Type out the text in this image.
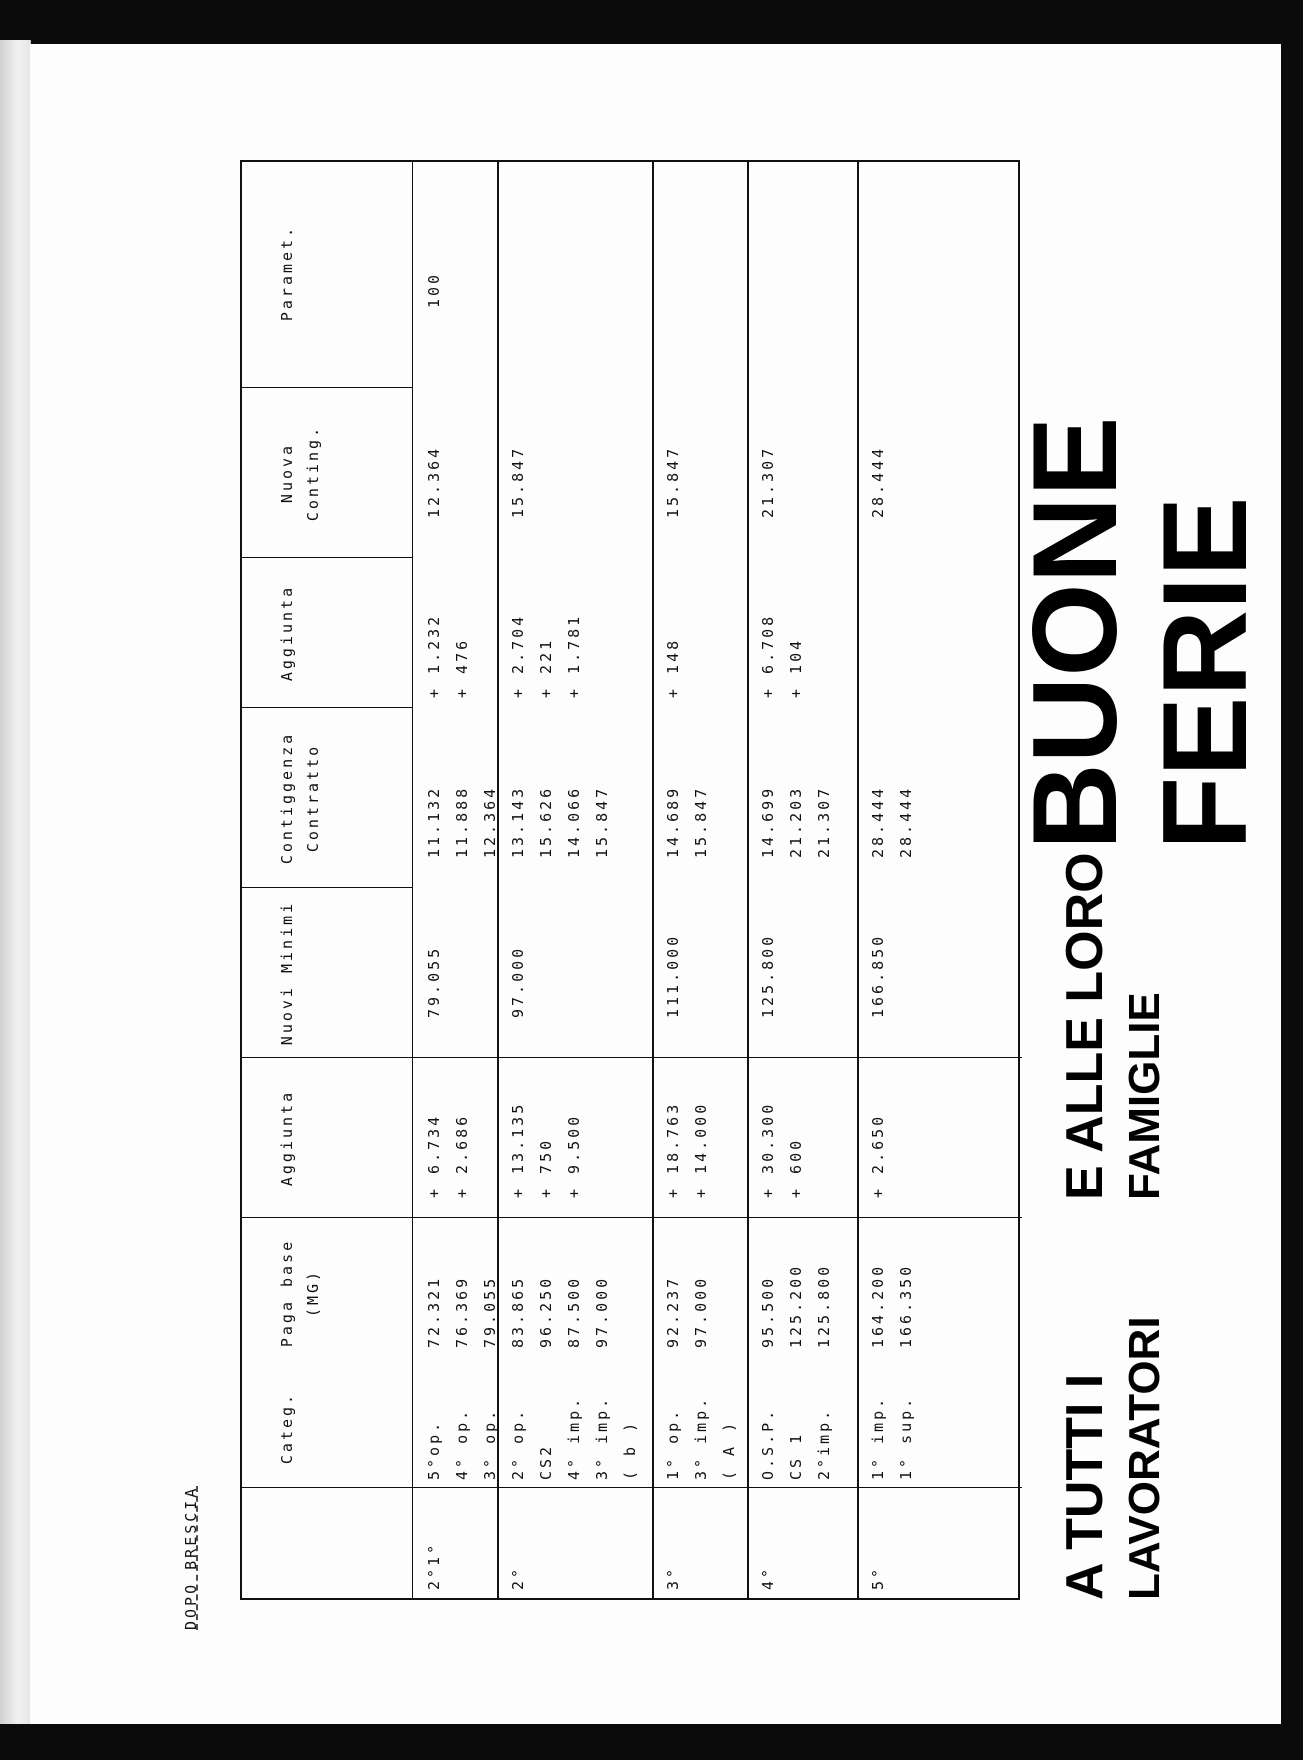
DOPO BRESCIA
Categ.
Paga base (MG)
Aggiunta
Nuovi Minimi
Contiggenza Contratto
Aggiunta
Nuova Conting.
Paramet.
2°1°
5°op. 4° op. 3° op.
72.321 76.369 79.055
+ 6.734 + 2.686
79.055
11.132 11.888 12.364
+ 1.232 + 476
12.364
100
2°
2° op. CS2 4° imp. 3° imp. ( b )
83.865 96.250 87.500 97.000
+ 13.135 + 750 + 9.500
97.000
13.143 15.626 14.066 15.847
+ 2.704 + 221 + 1.781
15.847
3°
1° op. 3° imp. ( A )
92.237 97.000
+ 18.763 + 14.000
111.000
14.689 15.847
+ 148
15.847
4°
O.S.P. CS 1 2°imp.
95.500 125.200 125.800
+ 30.300 + 600
125.800
14.699 21.203 21.307
+ 6.708 + 104
21.307
5°
1° imp. 1° sup.
164.200 166.350
+ 2.650
166.850
28.444 28.444
28.444
A TUTTI I
E ALLE LORO
BUONE FERIE
LAVORATORI
FAMIGLIE
